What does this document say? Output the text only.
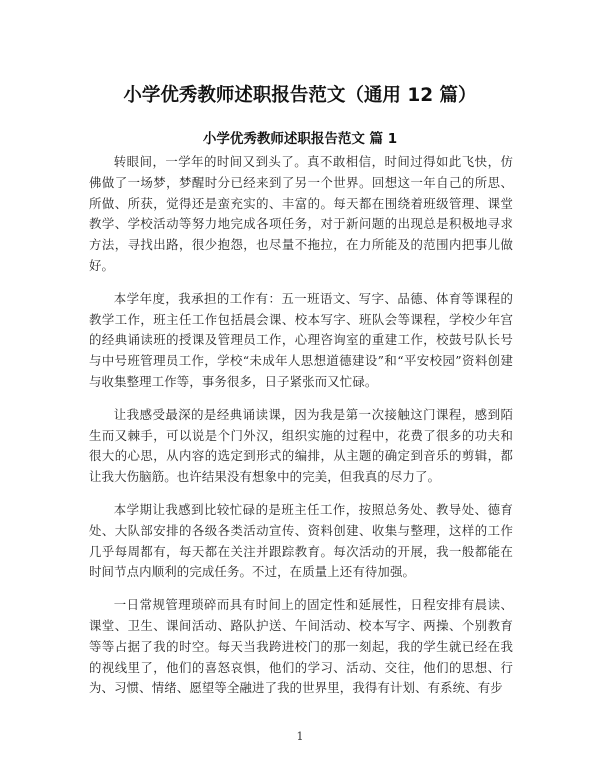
小学优秀教师述职报告范文（通用 12 篇）
小学优秀教师述职报告范文 篇 1

转眼间，一学年的时间又到头了。真不敢相信，时间过得如此飞快，仿佛做了一场梦，梦醒时分已经来到了另一个世界。回想这一年自己的所思、所做、所获，觉得还是蛮充实的、丰富的。每天都在围绕着班级管理、课堂教学、学校活动等努力地完成各项任务，对于新问题的出现总是积极地寻求方法，寻找出路，很少抱怨，也尽量不拖拉，在力所能及的范围内把事儿做好。

本学年度，我承担的工作有：五一班语文、写字、品德、体育等课程的教学工作，班主任工作包括晨会课、校本写字、班队会等课程，学校少年宫的经典诵读班的授课及管理员工作，心理咨询室的重建工作，校鼓号队长号与中号班管理员工作，学校“未成年人思想道德建设”和“平安校园”资料创建与收集整理工作等，事务很多，日子紧张而又忙碌。

让我感受最深的是经典诵读课，因为我是第一次接触这门课程，感到陌生而又棘手，可以说是个门外汉，组织实施的过程中，花费了很多的功夫和很大的心思，从内容的选定到形式的编排，从主题的确定到音乐的剪辑，都让我大伤脑筋。也许结果没有想象中的完美，但我真的尽力了。

本学期让我感到比较忙碌的是班主任工作，按照总务处、教导处、德育处、大队部安排的各级各类活动宣传、资料创建、收集与整理，这样的工作几乎每周都有，每天都在关注并跟踪教育。每次活动的开展，我一般都能在时间节点内顺利的完成任务。不过，在质量上还有待加强。

一日常规管理琐碎而具有时间上的固定性和延展性，日程安排有晨读、课堂、卫生、课间活动、路队护送、午间活动、校本写字、两操、个别教育等等占据了我的时空。每天当我跨进校门的那一刻起，我的学生就已经在我的视线里了，他们的喜怒哀惧，他们的学习、活动、交往，他们的思想、行为、习惯、情绪、愿望等全融进了我的世界里，我得有计划、有系统、有步

1
